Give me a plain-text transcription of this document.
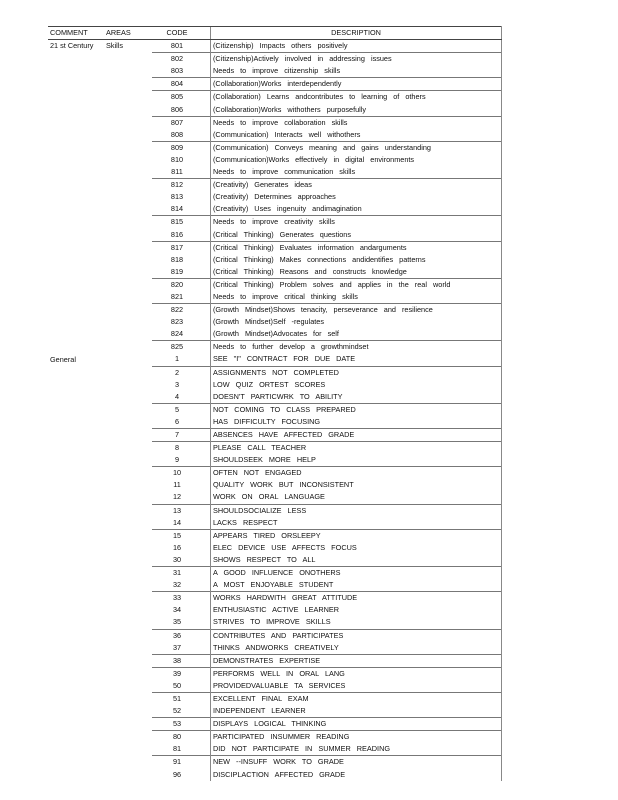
COMMENT	AREAS	CODE	DESCRIPTION
21 st Century	Skills	801	(Citizenship) Impacts others positively
		802	(Citizenship)Actively involved in addressing issues
		803	Needs to improve citizenship skills
		804	(Collaboration)Works interdependently
		805	(Collaboration) Learns andcontributes to learning of others
		806	(Collaboration)Works withothers purposefully
		807	Needs to improve collaboration skills
		808	(Communication) Interacts well withothers
		809	(Communication) Conveys meaning and gains understanding
		810	(Communication)Works effectively in digital environments
		811	Needs to improve communication skills
		812	(Creativity) Generates ideas
		813	(Creativity) Determines approaches
		814	(Creativity) Uses ingenuity andimagination
		815	Needs to improve creativity skills
		816	(Critical Thinking) Generates questions
		817	(Critical Thinking) Evaluates information andarguments
		818	(Critical Thinking) Makes connections andidentifies patterns
		819	(Critical Thinking) Reasons and constructs knowledge
		820	(Critical Thinking) Problem solves and applies in the real world
		821	Needs to improve critical thinking skills
		822	(Growth Mindset)Shows tenacity, perseverance and resilience
		823	(Growth Mindset)Self -regulates
		824	(Growth Mindset)Advocates for self
		825	Needs to further develop a growthmindset
General		1	SEE "I" CONTRACT FOR DUE DATE
		2	ASSIGNMENTS NOT COMPLETED
		3	LOW QUIZ ORTEST SCORES
		4	DOESN'T PARTICWRK TO ABILITY
		5	NOT COMING TO CLASS PREPARED
		6	HAS DIFFICULTY FOCUSING
		7	ABSENCES HAVE AFFECTED GRADE
		8	PLEASE CALL TEACHER
		9	SHOULDSEEK MORE HELP
		10	OFTEN NOT ENGAGED
		11	QUALITY WORK BUT INCONSISTENT
		12	WORK ON ORAL LANGUAGE
		13	SHOULDSOCIALIZE LESS
		14	LACKS RESPECT
		15	APPEARS TIRED ORSLEEPY
		16	ELEC DEVICE USE AFFECTS FOCUS
		30	SHOWS RESPECT TO ALL
		31	A GOOD INFLUENCE ONOTHERS
		32	A MOST ENJOYABLE STUDENT
		33	WORKS HARDWITH GREAT ATTITUDE
		34	ENTHUSIASTIC ACTIVE LEARNER
		35	STRIVES TO IMPROVE SKILLS
		36	CONTRIBUTES AND PARTICIPATES
		37	THINKS ANDWORKS CREATIVELY
		38	DEMONSTRATES EXPERTISE
		39	PERFORMS WELL IN ORAL LANG
		50	PROVIDEDVALUABLE TA SERVICES
		51	EXCELLENT FINAL EXAM
		52	INDEPENDENT LEARNER
		53	DISPLAYS LOGICAL THINKING
		80	PARTICIPATED INSUMMER READING
		81	DID NOT PARTICIPATE IN SUMMER READING
		91	NEW --INSUFF WORK TO GRADE
		96	DISCIPLACTION AFFECTED GRADE
